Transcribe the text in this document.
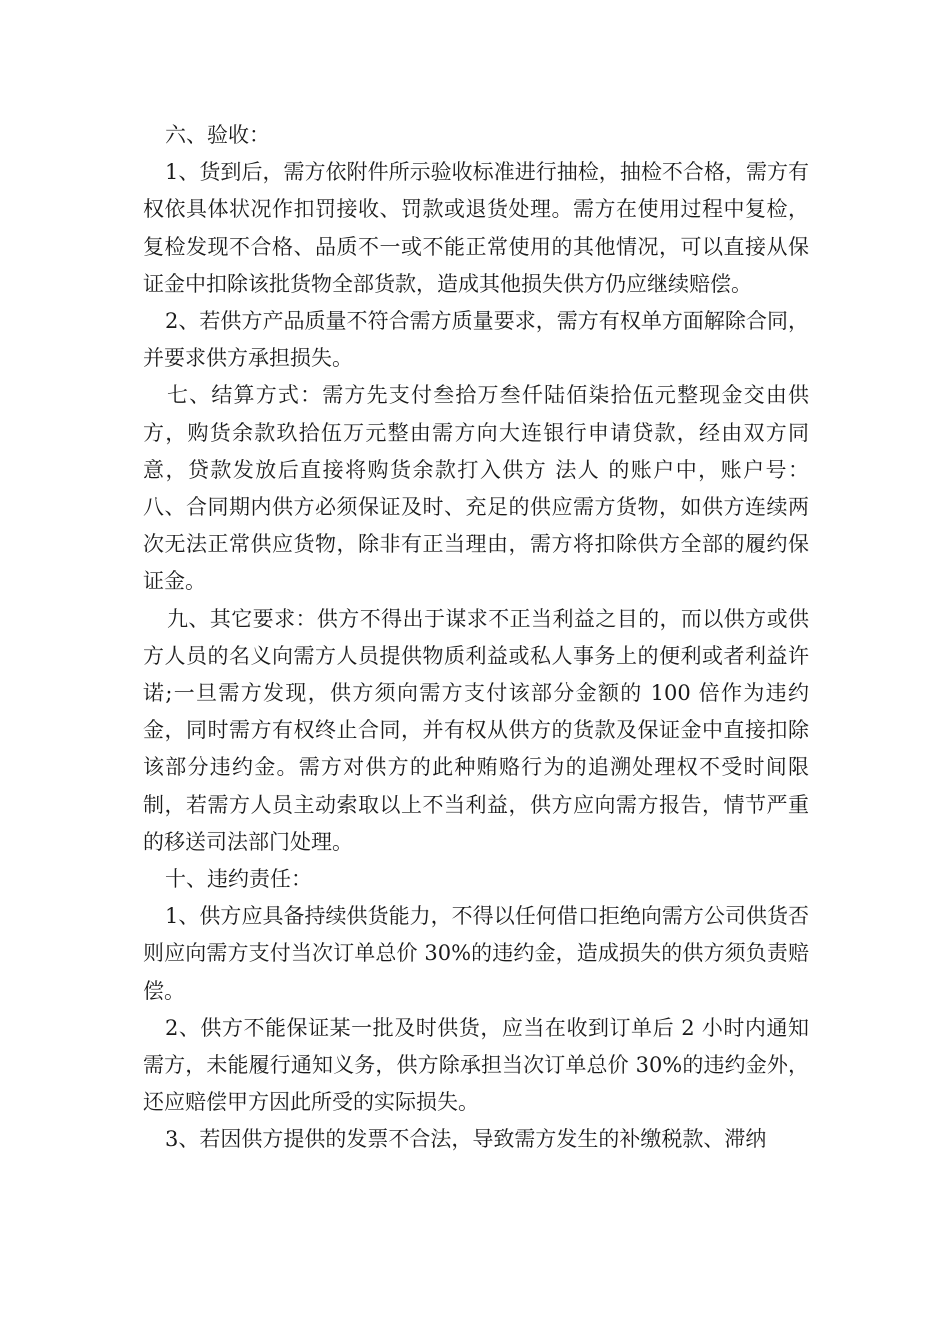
六、验收：

1、货到后，需方依附件所示验收标准进行抽检，抽检不合格，需方有权依具体状况作扣罚接收、罚款或退货处理。需方在使用过程中复检，复检发现不合格、品质不一或不能正常使用的其他情况，可以直接从保证金中扣除该批货物全部货款，造成其他损失供方仍应继续赔偿。

2、若供方产品质量不符合需方质量要求，需方有权单方面解除合同，并要求供方承担损失。

七、结算方式：需方先支付叁拾万叁仟陆佰柒拾伍元整现金交由供方，购货余款玖拾伍万元整由需方向大连银行申请贷款，经由双方同意，贷款发放后直接将购货余款打入供方 法人 的账户中，账户号： 八、合同期内供方必须保证及时、充足的供应需方货物，如供方连续两次无法正常供应货物，除非有正当理由，需方将扣除供方全部的履约保证金。

九、其它要求：供方不得出于谋求不正当利益之目的，而以供方或供方人员的名义向需方人员提供物质利益或私人事务上的便利或者利益许诺;一旦需方发现，供方须向需方支付该部分金额的 100 倍作为违约金，同时需方有权终止合同，并有权从供方的货款及保证金中直接扣除该部分违约金。需方对供方的此种贿赂行为的追溯处理权不受时间限制，若需方人员主动索取以上不当利益，供方应向需方报告，情节严重的移送司法部门处理。

十、违约责任：

1、供方应具备持续供货能力，不得以任何借口拒绝向需方公司供货否则应向需方支付当次订单总价 30%的违约金，造成损失的供方须负责赔偿。

2、供方不能保证某一批及时供货，应当在收到订单后 2 小时内通知需方，未能履行通知义务，供方除承担当次订单总价 30%的违约金外，还应赔偿甲方因此所受的实际损失。

3、若因供方提供的发票不合法，导致需方发生的补缴税款、滞纳
